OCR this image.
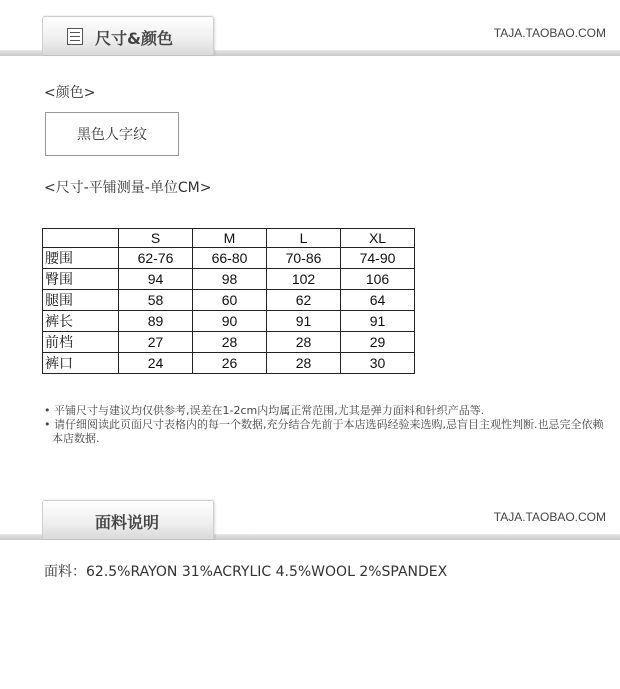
尺寸&颜色	TAJA.TAOBAO.COM
<颜色>
黑色人字纹
<尺寸-平铺测量-单位CM>
	S	M	L	XL
腰围	62-76	66-80	70-86	74-90
臀围	94	98	102	106
腿围	58	60	62	64
裤长	89	90	91	91
前档	27	28	28	29
裤口	24	26	28	30

• 平铺尺寸与建议均仅供参考,误差在1-2cm内均属正常范围,尤其是弹力面料和针织产品等.

• 请仔细阅读此页面尺寸表格内的每一个数据,充分结合先前于本店选码经验来选购,忌盲目主观性判断.也忌完全依赖本店数据.

面料说明	TAJA.TAOBAO.COM
面料：62.5%RAYON 31%ACRYLIC 4.5%WOOL 2%SPANDEX
